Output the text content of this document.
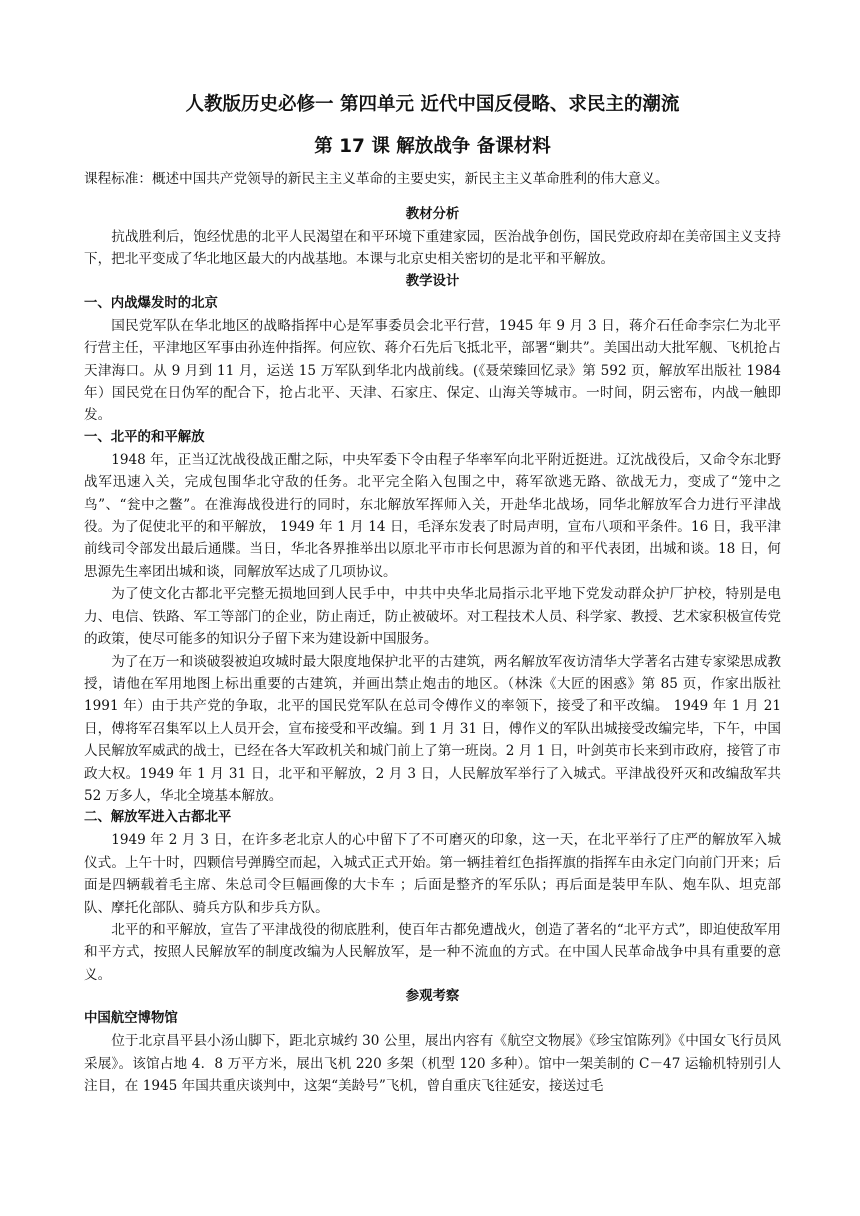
人教版历史必修一 第四单元 近代中国反侵略、求民主的潮流
第 17 课 解放战争 备课材料

课程标准：概述中国共产党领导的新民主主义革命的主要史实，新民主主义革命胜利的伟大意义。

教材分析

抗战胜利后，饱经忧患的北平人民渴望在和平环境下重建家园，医治战争创伤，国民党政府却在美帝国主义支持下，把北平变成了华北地区最大的内战基地。本课与北京史相关密切的是北平和平解放。

教学设计
一、内战爆发时的北京

国民党军队在华北地区的战略指挥中心是军事委员会北平行营，1945 年 9 月 3 日，蒋介石任命李宗仁为北平行营主任，平津地区军事由孙连仲指挥。何应钦、蒋介石先后飞抵北平，部署“剿共”。美国出动大批军舰、飞机抢占天津海口。从 9 月到 11 月，运送 15 万军队到华北内战前线。(《聂荣臻回忆录》第 592 页，解放军出版社 1984 年）国民党在日伪军的配合下，抢占北平、天津、石家庄、保定、山海关等城市。一时间，阴云密布，内战一触即发。

一、北平的和平解放

1948 年，正当辽沈战役战正酣之际，中央军委下令由程子华率军向北平附近挺进。辽沈战役后，又命令东北野战军迅速入关，完成包围华北守敌的任务。北平完全陷入包围之中，蒋军欲逃无路、欲战无力，变成了“笼中之鸟”、“瓮中之鳖”。在淮海战役进行的同时，东北解放军挥师入关，开赴华北战场，同华北解放军合力进行平津战役。为了促使北平的和平解放， 1949 年 1 月 14 日，毛泽东发表了时局声明，宣布八项和平条件。16 日，我平津前线司令部发出最后通牒。当日，华北各界推举出以原北平市市长何思源为首的和平代表团，出城和谈。18 日，何思源先生率团出城和谈，同解放军达成了几项协议。

为了使文化古都北平完整无损地回到人民手中，中共中央华北局指示北平地下党发动群众护厂护校，特别是电力、电信、铁路、军工等部门的企业，防止南迁，防止被破坏。对工程技术人员、科学家、教授、艺术家积极宣传党的政策，使尽可能多的知识分子留下来为建设新中国服务。

为了在万一和谈破裂被迫攻城时最大限度地保护北平的古建筑，两名解放军夜访清华大学著名古建专家梁思成教授，请他在军用地图上标出重要的古建筑，并画出禁止炮击的地区。（林洙《大匠的困惑》第 85 页，作家出版社 1991 年）由于共产党的争取，北平的国民党军队在总司令傅作义的率领下，接受了和平改编。 1949 年 1 月 21 日，傅将军召集军以上人员开会，宣布接受和平改编。到 1 月 31 日，傅作义的军队出城接受改编完毕，下午，中国人民解放军威武的战士，已经在各大军政机关和城门前上了第一班岗。2 月 1 日，叶剑英市长来到市政府，接管了市政大权。1949 年 1 月 31 日，北平和平解放，2 月 3 日，人民解放军举行了入城式。平津战役歼灭和改编敌军共 52 万多人，华北全境基本解放。

二、解放军进入古都北平

1949 年 2 月 3 日，在许多老北京人的心中留下了不可磨灭的印象，这一天，在北平举行了庄严的解放军入城仪式。上午十时，四颗信号弹腾空而起，入城式正式开始。第一辆挂着红色指挥旗的指挥车由永定门向前门开来；后面是四辆载着毛主席、朱总司令巨幅画像的大卡车 ；后面是整齐的军乐队；再后面是装甲车队、炮车队、坦克部队、摩托化部队、骑兵方队和步兵方队。

北平的和平解放，宣告了平津战役的彻底胜利，使百年古都免遭战火，创造了著名的“北平方式”，即迫使敌军用和平方式，按照人民解放军的制度改编为人民解放军，是一种不流血的方式。在中国人民革命战争中具有重要的意义。

参观考察
中国航空博物馆

位于北京昌平县小汤山脚下，距北京城约 30 公里，展出内容有《航空文物展》《珍宝馆陈列》《中国女飞行员风采展》。该馆占地 4．8 万平方米，展出飞机 220 多架（机型 120 多种）。馆中一架美制的 C－47 运输机特别引人注目，在 1945 年国共重庆谈判中，这架“美龄号”飞机，曾自重庆飞往延安，接送过毛
